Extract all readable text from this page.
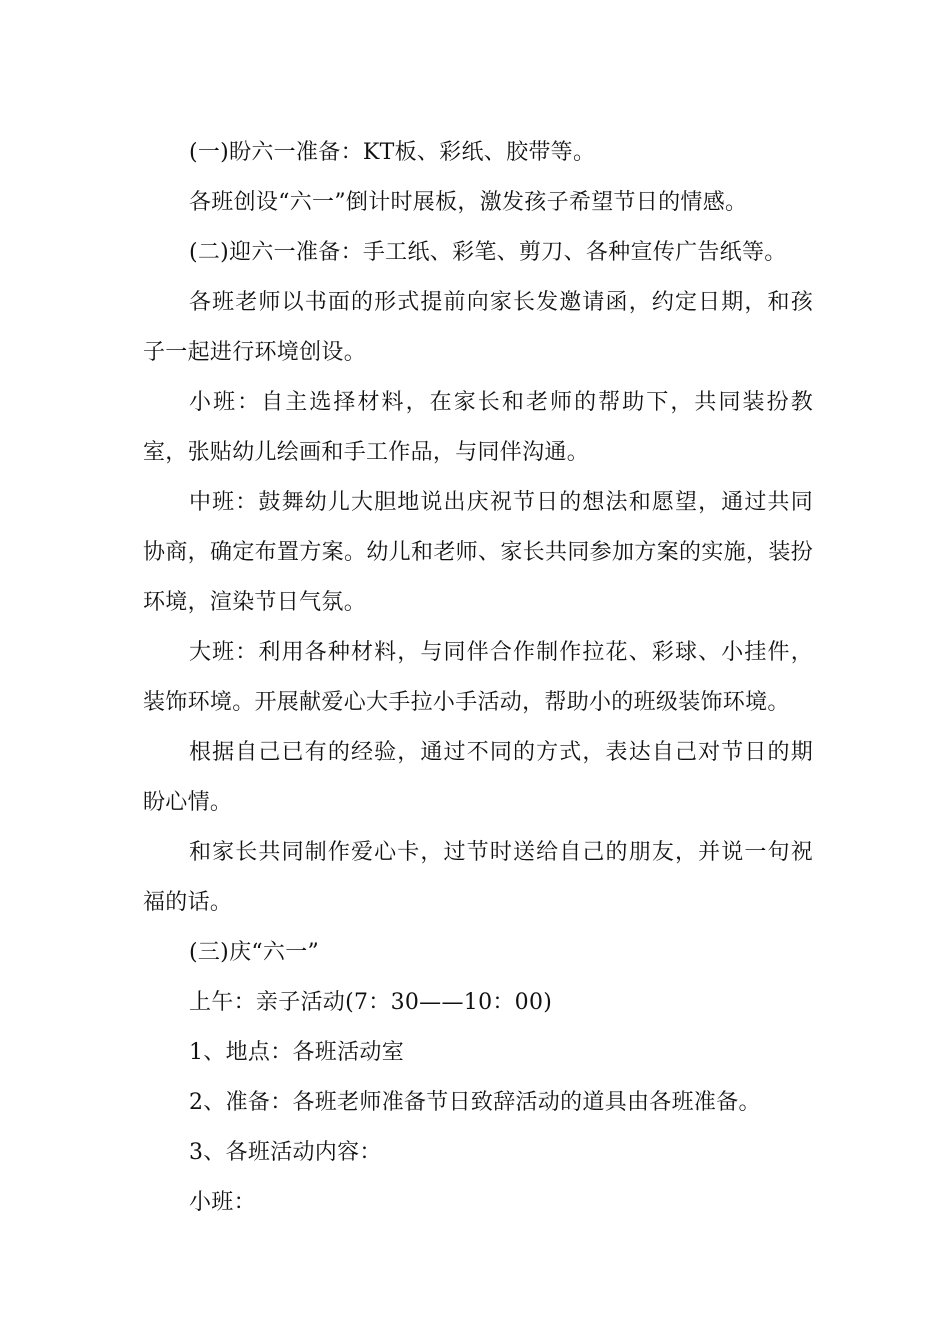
(一)盼六一准备：KT板、彩纸、胶带等。

各班创设“六一”倒计时展板，激发孩子希望节日的情感。

(二)迎六一准备：手工纸、彩笔、剪刀、各种宣传广告纸等。

各班老师以书面的形式提前向家长发邀请函，约定日期，和孩子一起进行环境创设。

小班：自主选择材料，在家长和老师的帮助下，共同装扮教室，张贴幼儿绘画和手工作品，与同伴沟通。

中班：鼓舞幼儿大胆地说出庆祝节日的想法和愿望，通过共同协商，确定布置方案。幼儿和老师、家长共同参加方案的实施，装扮环境，渲染节日气氛。

大班：利用各种材料，与同伴合作制作拉花、彩球、小挂件，装饰环境。开展献爱心大手拉小手活动，帮助小的班级装饰环境。

根据自己已有的经验，通过不同的方式，表达自己对节日的期盼心情。

和家长共同制作爱心卡，过节时送给自己的朋友，并说一句祝福的话。

(三)庆“六一”

上午：亲子活动(7：30——10：00)

1、地点：各班活动室

2、准备：各班老师准备节日致辞活动的道具由各班准备。

3、各班活动内容：

小班：
